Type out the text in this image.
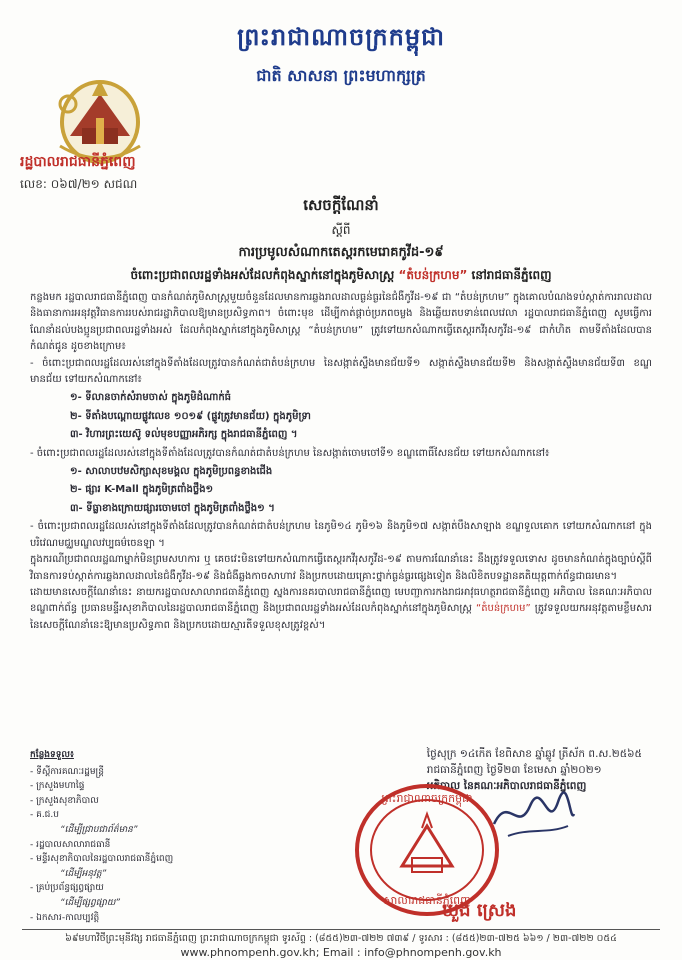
ព្រះរាជាណាចក្រកម្ពុជា
ជាតិ សាសនា ព្រះមហាក្សត្រ
រដ្ឋបាលរាជធានីភ្នំពេញ
លេខ: ០៦៧/២១ សជណ
សេចក្ដីណែនាំ
ស្ដីពី
ការប្រមូលសំណាកតេស្តរកមេរោគកូវីដ-១៩
ចំពោះប្រជាពលរដ្ឋទាំងអស់ដែលកំពុងស្នាក់នៅក្នុងភូមិសាស្ត្រ “តំបន់ក្រហម” នៅរាជធានីភ្នំពេញ

កន្លងមក រដ្ឋបាលរាជធានីភ្នំពេញ បានកំណត់ភូមិសាស្ត្រមួយចំនួនដែលមានការឆ្លងរាលដាលធ្ងន់ធ្ងរនៃជំងឺកូវីដ-១៩ ជា “តំបន់ក្រហម” ក្នុងគោលបំណងទប់ស្កាត់ការរាលដាល និងធានាការអនុវត្តវិធានការរបស់រាជរដ្ឋាភិបាលឱ្យមានប្រសិទ្ធភាព។ ចំពោះមុខ ដើម្បីកាត់ផ្ដាច់ប្រភពចម្លង និងឆ្លើយតបទាន់ពេលវេលា រដ្ឋបាលរាជធានីភ្នំពេញ សូមធ្វើការណែនាំដល់បងប្អូនប្រជាពលរដ្ឋទាំងអស់ ដែលកំពុងស្នាក់នៅក្នុងភូមិសាស្ត្រ “តំបន់ក្រហម” ត្រូវទៅយកសំណាកធ្វើតេស្តរកវីរុសកូវីដ-១៩ ជាកំហិត តាមទីតាំងដែលបានកំណត់ជូន ដូចខាងក្រោម៖

- ចំពោះប្រជាពលរដ្ឋដែលរស់នៅក្នុងទីតាំងដែលត្រូវបានកំណត់ជាតំបន់ក្រហម នៃសង្កាត់ស្ទឹងមានជ័យទី១ សង្កាត់ស្ទឹងមានជ័យទី២ និងសង្កាត់ស្ទឹងមានជ័យទី៣ ខណ្ឌមានជ័យ ទៅយកសំណាកនៅ៖

១- ទីលានចាក់សំរាមចាស់ ក្នុងភូមិដំណាក់ធំ
២- ទីតាំងបណ្ដោយផ្លូវលេខ ១០១៩ (ផ្លូវត្រូវមានជ័យ) ក្នុងភូមិទ្រា
៣- វិហារព្រះយេស៊ូ ទល់មុខបញ្ញាអភិរក្ស ក្នុងរាជធានីភ្នំពេញ ។

- ចំពោះប្រជាពលរដ្ឋដែលរស់នៅក្នុងទីតាំងដែលត្រូវបានកំណត់ជាតំបន់ក្រហម នៃសង្កាត់ចោមចៅទី១ ខណ្ឌពោធិ៍សែនជ័យ ទៅយកសំណាកនៅ៖

១- សាលាបឋមសិក្សាសុខមង្គល ក្នុងភូមិប្រពន្ធខាងជើង
២- ផ្សារ K-Mall ក្នុងភូមិត្រពាំងថ្លឹង១
៣- ទីធ្លាខាងក្រោយផ្សារចោមចៅ ក្នុងភូមិត្រពាំងថ្លឹង១ ។

- ចំពោះប្រជាពលរដ្ឋដែលរស់នៅក្នុងទីតាំងដែលត្រូវបានកំណត់ជាតំបន់ក្រហម នៃភូមិ១៤ ភូមិ១៦ និងភូមិ១៧ សង្កាត់បឹងសាឡាង ខណ្ឌទួលគោក ទៅយកសំណាកនៅ ក្នុងបរិវេណមជ្ឈមណ្ឌលវប្បធម៌ចេនឡា ។

ក្នុងករណីប្រជាពលរដ្ឋណាម្នាក់មិនព្រមសហការ ឬ គេចវេះមិនទៅយកសំណាកធ្វើតេស្តរកវីរុសកូវីដ-១៩ តាមការណែនាំនេះ នឹងត្រូវទទួលទោស ដូចមានកំណត់ក្នុងច្បាប់ស្ដីពីវិធានការទប់ស្កាត់ការឆ្លងរាលដាលនៃជំងឺកូវីដ-១៩ និងជំងឺឆ្លងកាចសាហាវ និងប្រកបដោយគ្រោះថ្នាក់ធ្ងន់ធ្ងរផ្សេងទៀត និងលិខិតបទដ្ឋានគតិយុត្តពាក់ព័ន្ធជាធរមាន។

ដោយមានសេចក្ដីណែនាំនេះ នាយករដ្ឋបាលសាលារាជធានីភ្នំពេញ ស្នងការនគរបាលរាជធានីភ្នំពេញ មេបញ្ជាការកងរាជអាវុធហត្ថរាជធានីភ្នំពេញ អភិបាល នៃគណៈអភិបាលខណ្ឌពាក់ព័ន្ធ ប្រធានមន្ទីរសុខាភិបាលនៃរដ្ឋបាលរាជធានីភ្នំពេញ និងប្រជាពលរដ្ឋទាំងអស់ដែលកំពុងស្នាក់នៅក្នុងភូមិសាស្ត្រ “តំបន់ក្រហម” ត្រូវទទួលយកអនុវត្តតាមខ្លឹមសារនៃសេចក្ដីណែនាំនេះឱ្យមានប្រសិទ្ធភាព និងប្រកបដោយស្មារតីទទួលខុសត្រូវខ្ពស់។

កន្លែងទទួល៖
- ទីស្ដីការគណៈរដ្ឋមន្ត្រី
- ក្រសួងមហាផ្ទៃ
- ក្រសួងសុខាភិបាល
- គ.ជ.ប
“ដើម្បីជ្រាបជាព័ត៌មាន”
- រដ្ឋបាលសាលារាជធានី
- មន្ទីរសុខាភិបាលនៃរដ្ឋបាលរាជធានីភ្នំពេញ
“ដើម្បីអនុវត្ត”
- គ្រប់ប្រព័ន្ធផ្សព្វផ្សាយ
“ដើម្បីផ្សព្វផ្សាយ”
- ឯកសារ-កាលប្បវត្តិ
ថ្ងៃសុក្រ ១៤កើត ខែពិសាខ ឆ្នាំឆ្លូវ ត្រីស័ក ព.ស.២៥៦៥
រាជធានីភ្នំពេញ ថ្ងៃទី២៣ ខែមេសា ឆ្នាំ២០២១
អភិបាល នៃគណៈអភិបាលរាជធានីភ្នំពេញ
ព្រះរាជាណាចក្រកម្ពុជា
សាលារាជធានីភ្នំពេញ
ឃួង ស្រេង
៦៩មហាវិថីព្រះមុនីវង្ស រាជធានីភ្នំពេញ ព្រះរាជាណាចក្រកម្ពុជា ទូរស័ព្ទ : (៨៥៥)២៣-៧២២ ៧៣៩ / ទូរសារ : (៨៥៥)២៣-៧២៥ ៦៦១ / ២៣-៧២២ ០៥៤
www.phnompenh.gov.kh; Email : info@phnompenh.gov.kh
